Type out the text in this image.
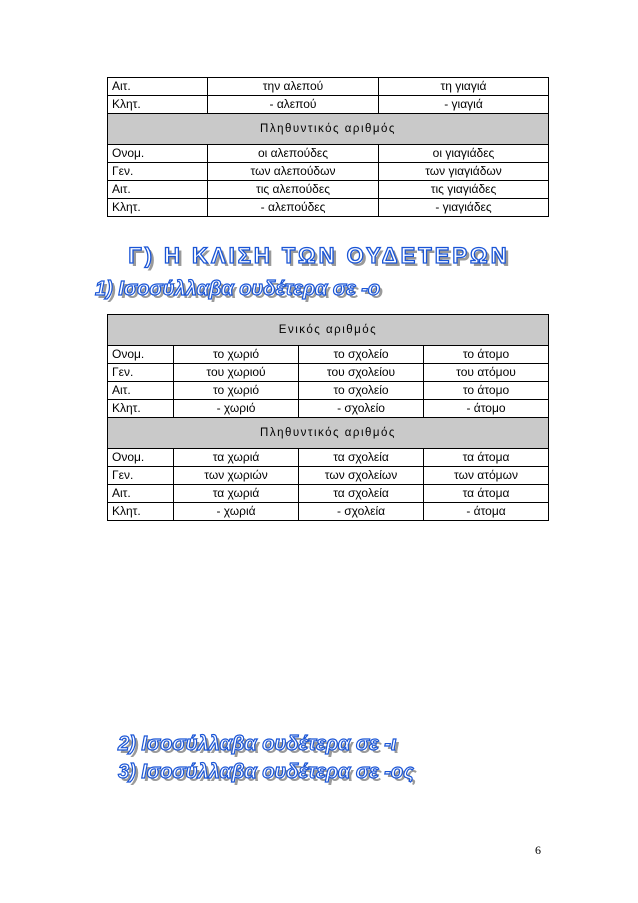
Αιτ.	την αλεπού	τη γιαγιά
Κλητ.	- αλεπού	- γιαγιά
Πληθυντικός αριθμός		
Ονομ.	οι αλεπούδες	οι γιαγιάδες
Γεν.	των αλεπούδων	των γιαγιάδων
Αιτ.	τις αλεπούδες	τις γιαγιάδες
Κλητ.	- αλεπούδες	- γιαγιάδες
Γ) Η ΚΛΙΣΗ ΤΩΝ ΟΥΔΕΤΕΡΩΝ
1) Ισοσύλλαβα ουδέτερα σε -ο
Ενικός αριθμός			
Ονομ.	το χωριό	το σχολείο	το άτομο
Γεν.	του χωριού	του σχολείου	του ατόμου
Αιτ.	το χωριό	το σχολείο	το άτομο
Κλητ.	- χωριό	- σχολείο	- άτομο
Πληθυντικός αριθμός			
Ονομ.	τα χωριά	τα σχολεία	τα άτομα
Γεν.	των χωριών	των σχολείων	των ατόμων
Αιτ.	τα χωριά	τα σχολεία	τα άτομα
Κλητ.	- χωριά	- σχολεία	- άτομα
2) Ισοσύλλαβα ουδέτερα σε -ι
3) Ισοσύλλαβα ουδέτερα σε -ος
6
